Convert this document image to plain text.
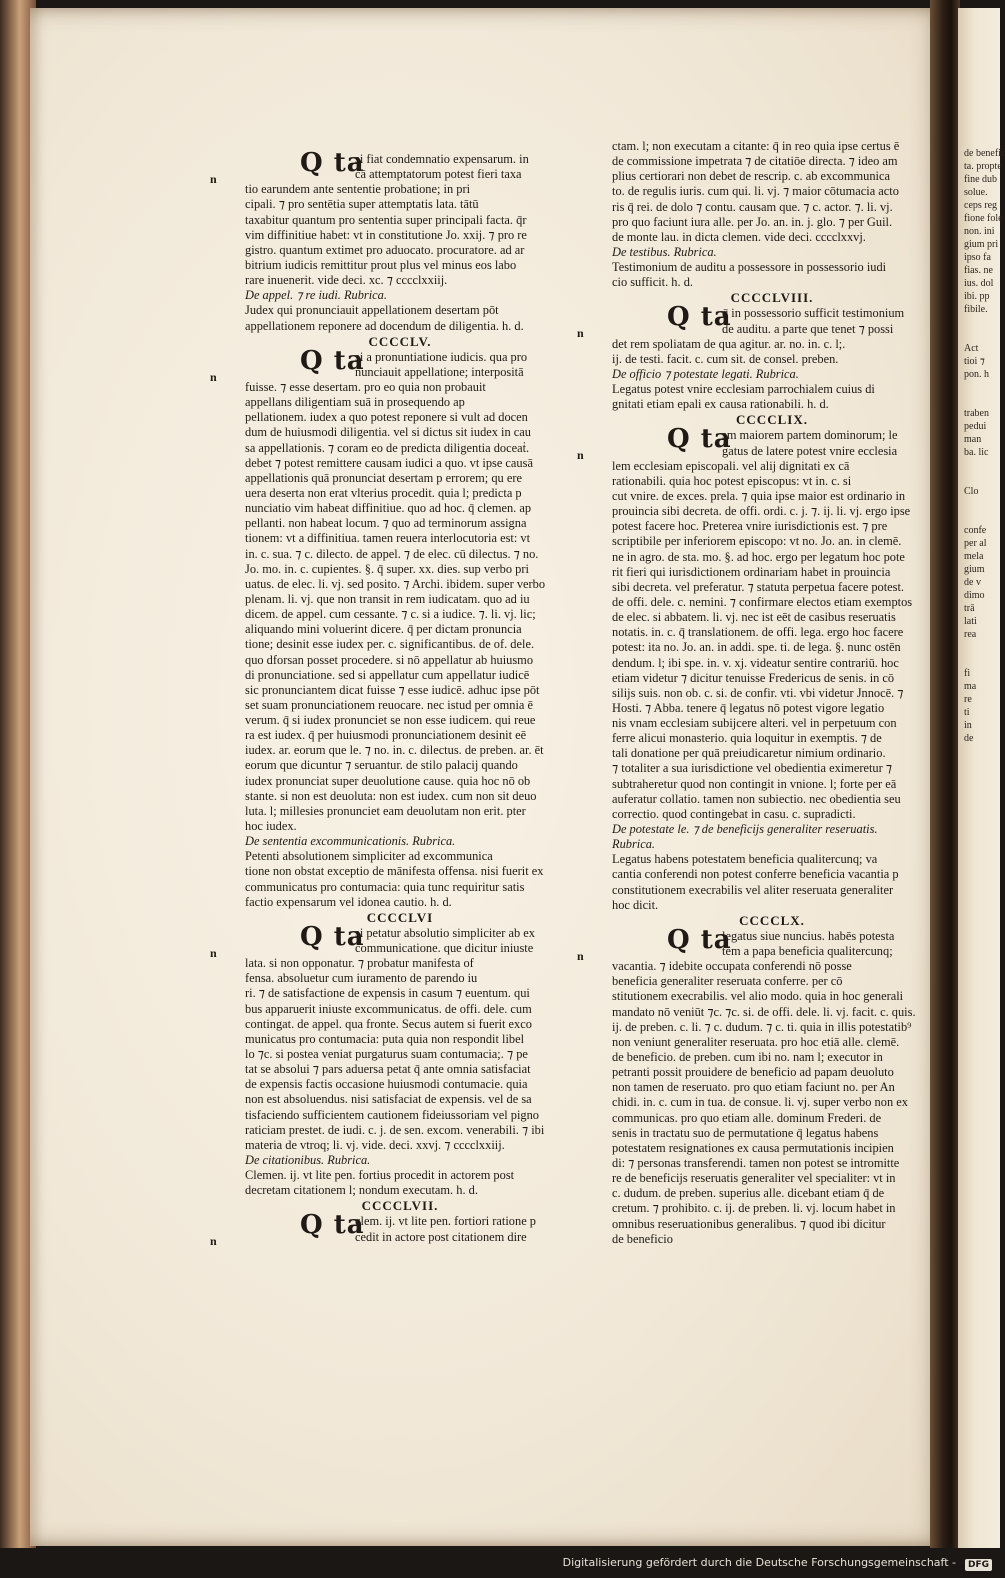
de benefic
ta. propte
fine dub
solue.
ceps reg
fione fole
non. ini
gium pri
ipso fa
fias. ne
ius. dol
ibi. pp
fibile.
Act
tioi ⁊
pon. h
traben
pedui
man
ba. lic
Clo
confe
per al
mela
gium
de v
dimo
trā
lati
rea
fi
ma
re
ti
in
de
Q ta
n
si fiat condemnatio expensarum. in
cā attemptatorum potest fieri taxa
tio earundem ante sententie probatione; in pri
cipali. ⁊ pro sentētia super attemptatis lata. tātū
taxabitur quantum pro sententia super principali facta. q̄r
vim diffinitiue habet: vt in constitutione Jo. xxij. ⁊ pro re
gistro. quantum extimet pro aduocato. procuratore. ad ar
bitrium iudicis remittitur prout plus vel minus eos labo
rare inuenerit. vide deci. xc. ⁊ cccclxxiij.
De appel. ⁊ re iudi. Rubrica.
Judex qui pronunciauit appellationem desertam pōt
appellationem reponere ad docendum de diligentia. h. d.
CCCCLV.
Q ta
n
si a pronuntiatione iudicis. qua pro
nunciauit appellatione; interpositā
fuisse. ⁊ esse desertam. pro eo quia non probauit
appellans diligentiam suā in prosequendo ap
pellationem. iudex a quo potest reponere si vult ad docen
dum de huiusmodi diligentia. vel si dictus sit iudex in cau
sa appellationis. ⁊ coram eo de predicta diligentia doceaṫ.
debet ⁊ potest remittere causam iudici a quo. vt ipse causā
appellationis quā pronunciat desertam p errorem; qu ere
uera deserta non erat vlterius procedit. quia l; predicta p
nunciatio vim habeat diffinitiue. quo ad hoc. q̄ clemen. ap
pellanti. non habeat locum. ⁊ quo ad terminorum assigna
tionem: vt a diffinitiua. tamen reuera interlocutoria est: vt
in. c. sua. ⁊ c. dilecto. de appel. ⁊ de elec. cū dilectus. ⁊ no.
Jo. mo. in. c. cupientes. §. q̄ super. xx. dies. sup verbo pri
uatus. de elec. li. vj. sed posito. ⁊ Archi. ibidem. super verbo
plenam. li. vj. que non transit in rem iudicatam. quo ad iu
dicem. de appel. cum cessante. ⁊ c. si a iudice. ⁊. li. vj. lic;
aliquando mini voluerint dicere. q̄ per dictam pronuncia
tione; desinit esse iudex per. c. significantibus. de of. dele.
quo dforsan posset procedere. si nō appellatur ab huiusmo
di pronunciatione. sed si appellatur cum appellatur iudicē
sic pronunciantem dicat fuisse ⁊ esse iudicē. adhuc ipse pōt
set suam pronunciationem reuocare. nec istud per omnia ē
verum. q̄ si iudex pronunciet se non esse iudicem. qui reue
ra est iudex. q̄ per huiusmodi pronunciationem desinit eē
iudex. ar. eorum que le. ⁊ no. in. c. dilectus. de preben. ar. ēt
eorum que dicuntur ⁊ seruantur. de stilo palacij quando
iudex pronunciat super deuolutione cause. quia hoc nō ob
stante. si non est deuoluta: non est iudex. cum non sit deuo
luta. l; millesies pronunciet eam deuolutam non erit. pter
hoc iudex.
De sententia excommunicationis. Rubrica.
Petenti absolutionem simpliciter ad excommunica
tione non obstat exceptio de mānifesta offensa. nisi fuerit ex
communicatus pro contumacia: quia tunc requiritur satis
factio expensarum vel idonea cautio. h. d.
CCCCLVI
Q ta
n
si petatur absolutio simpliciter ab ex
communicatione. que dicitur iniuste
lata. si non opponatur. ⁊ probatur manifesta of
fensa. absoluetur cum iuramento de parendo iu
ri. ⁊ de satisfactione de expensis in casum ⁊ euentum. qui
bus apparuerit iniuste excommunicatus. de offi. dele. cum
contingat. de appel. qua fronte. Secus autem si fuerit exco
municatus pro contumacia: puta quia non respondit libel
lo ⁊c. si postea veniat purgaturus suam contumacia;. ⁊ pe
tat se absolui ⁊ pars aduersa petat q̄ ante omnia satisfaciat
de expensis factis occasione huiusmodi contumacie. quia
non est absoluendus. nisi satisfaciat de expensis. vel de sa
tisfaciendo sufficientem cautionem fideiussoriam vel pigno
raticiam prestet. de iudi. c. j. de sen. excom. venerabili. ⁊ ibi
materia de vtroq; li. vj. vide. deci. xxvj. ⁊ cccclxxiij.
De citationibus. Rubrica.
Clemen. ij. vt lite pen. fortius procedit in actorem post
decretam citationem l; nondum executam. h. d.
CCCCLVII.
Q ta
n
clem. ij. vt lite pen. fortiori ratione p
cedit in actore post citationem dire
ctam. l; non executam a citante: q̄ in reo quia ipse certus ē
de commissione impetrata ⁊ de citatiōe directa. ⁊ ideo am
plius certiorari non debet de rescrip. c. ab excommunica
to. de regulis iuris. cum qui. li. vj. ⁊ maior cōtumacia acto
ris q̄ rei. de dolo ⁊ contu. causam que. ⁊ c. actor. ⁊. li. vj.
pro quo faciunt iura alle. per Jo. an. in. j. glo. ⁊ per Guil.
de monte lau. in dicta clemen. vide deci. cccclxxvj.
De testibus. Rubrica.
Testimonium de auditu a possessore in possessorio iudi
cio sufficit. h. d.
CCCCLVIII.
Q ta
n
q̄ in possessorio sufficit testimonium
de auditu. a parte que tenet ⁊ possi
det rem spoliatam de qua agitur. ar. no. in. c. l;.
ij. de testi. facit. c. cum sit. de consel. preben.
De officio ⁊ potestate legati. Rubrica.
Legatus potest vnire ecclesiam parrochialem cuius di
gnitati etiam epali ex causa rationabili. h. d.
CCCCLIX.
Q ta
n
sm maiorem partem dominorum; le
gatus de latere potest vnire ecclesia
lem ecclesiam episcopali. vel alij dignitati ex cā
rationabili. quia hoc potest episcopus: vt in. c. si
cut vnire. de exces. prela. ⁊ quia ipse maior est ordinario in
prouincia sibi decreta. de offi. ordi. c. j. ⁊. ij. li. vj. ergo ipse
potest facere hoc. Preterea vnire iurisdictionis est. ⁊ pre
scriptibile per inferiorem episcopo: vt no. Jo. an. in clemē.
ne in agro. de sta. mo. §. ad hoc. ergo per legatum hoc pote
rit fieri qui iurisdictionem ordinariam habet in prouincia
sibi decreta. vel preferatur. ⁊ statuta perpetua facere potest.
de offi. dele. c. nemini. ⁊ confirmare electos etiam exemptos
de elec. si abbatem. li. vj. nec ist eēt de casibus reseruatis
notatis. in. c. q̄ translationem. de offi. lega. ergo hoc facere
potest: ita no. Jo. an. in addi. spe. ti. de lega. §. nunc ostēn
dendum. l; ibi spe. in. v. xj. videatur sentire contrariū. hoc
etiam videtur ⁊ dicitur tenuisse Fredericus de senis. in cō
silijs suis. non ob. c. si. de confir. vti. vbi videtur Jnnocē. ⁊
Hosti. ⁊ Abba. tenere q̄ legatus nō potest vigore legatio
nis vnam ecclesiam subijcere alteri. vel in perpetuum con
ferre alicui monasterio. quia loquitur in exemptis. ⁊ de
tali donatione per quā preiudicaretur nimium ordinario.
⁊ totaliter a sua iurisdictione vel obedientia eximeretur ⁊
subtraheretur quod non contingit in vnione. l; forte per eā
auferatur collatio. tamen non subiectio. nec obedientia seu
correctio. quod contingebat in casu. c. supradicti.
De potestate le. ⁊ de beneficijs generaliter reseruatis.
Rubrica.
Legatus habens potestatem beneficia qualitercunq; va
cantia conferendi non potest conferre beneficia vacantia p
constitutionem execrabilis vel aliter reseruata generaliter
hoc dicit.
CCCCLX.
Q ta
n
legatus siue nuncius. habēs potesta
tem a papa beneficia qualitercunq;
vacantia. ⁊ idebite occupata conferendi nō posse
beneficia generaliter reseruata conferre. per cō
stitutionem execrabilis. vel alio modo. quia in hoc generali
mandato nō veniūt ⁊c. ⁊c. si. de offi. dele. li. vj. facit. c. quis.
ij. de preben. c. li. ⁊ c. dudum. ⁊ c. ti. quia in illis potestatib⁹
non veniunt generaliter reseruata. pro hoc etiā alle. clemē.
de beneficio. de preben. cum ibi no. nam l; executor in
petranti possit prouidere de beneficio ad papam deuoluto
non tamen de reseruato. pro quo etiam faciunt no. per An
chidi. in. c. cum in tua. de consue. li. vj. super verbo non ex
communicas. pro quo etiam alle. dominum Frederi. de
senis in tractatu suo de permutatione q̄ legatus habens
potestatem resignationes ex causa permutationis incipien
di: ⁊ personas transferendi. tamen non potest se intromitte
re de beneficijs reseruatis generaliter vel specialiter: vt in
c. dudum. de preben. superius alle. dicebant etiam q̄ de
cretum. ⁊ prohibito. c. ij. de preben. li. vj. locum habet in
omnibus reseruationibus generalibus. ⁊ quod ibi dicitur
de beneficio
Digitalisierung gefördert durch die Deutsche Forschungsgemeinschaft -	DFG
